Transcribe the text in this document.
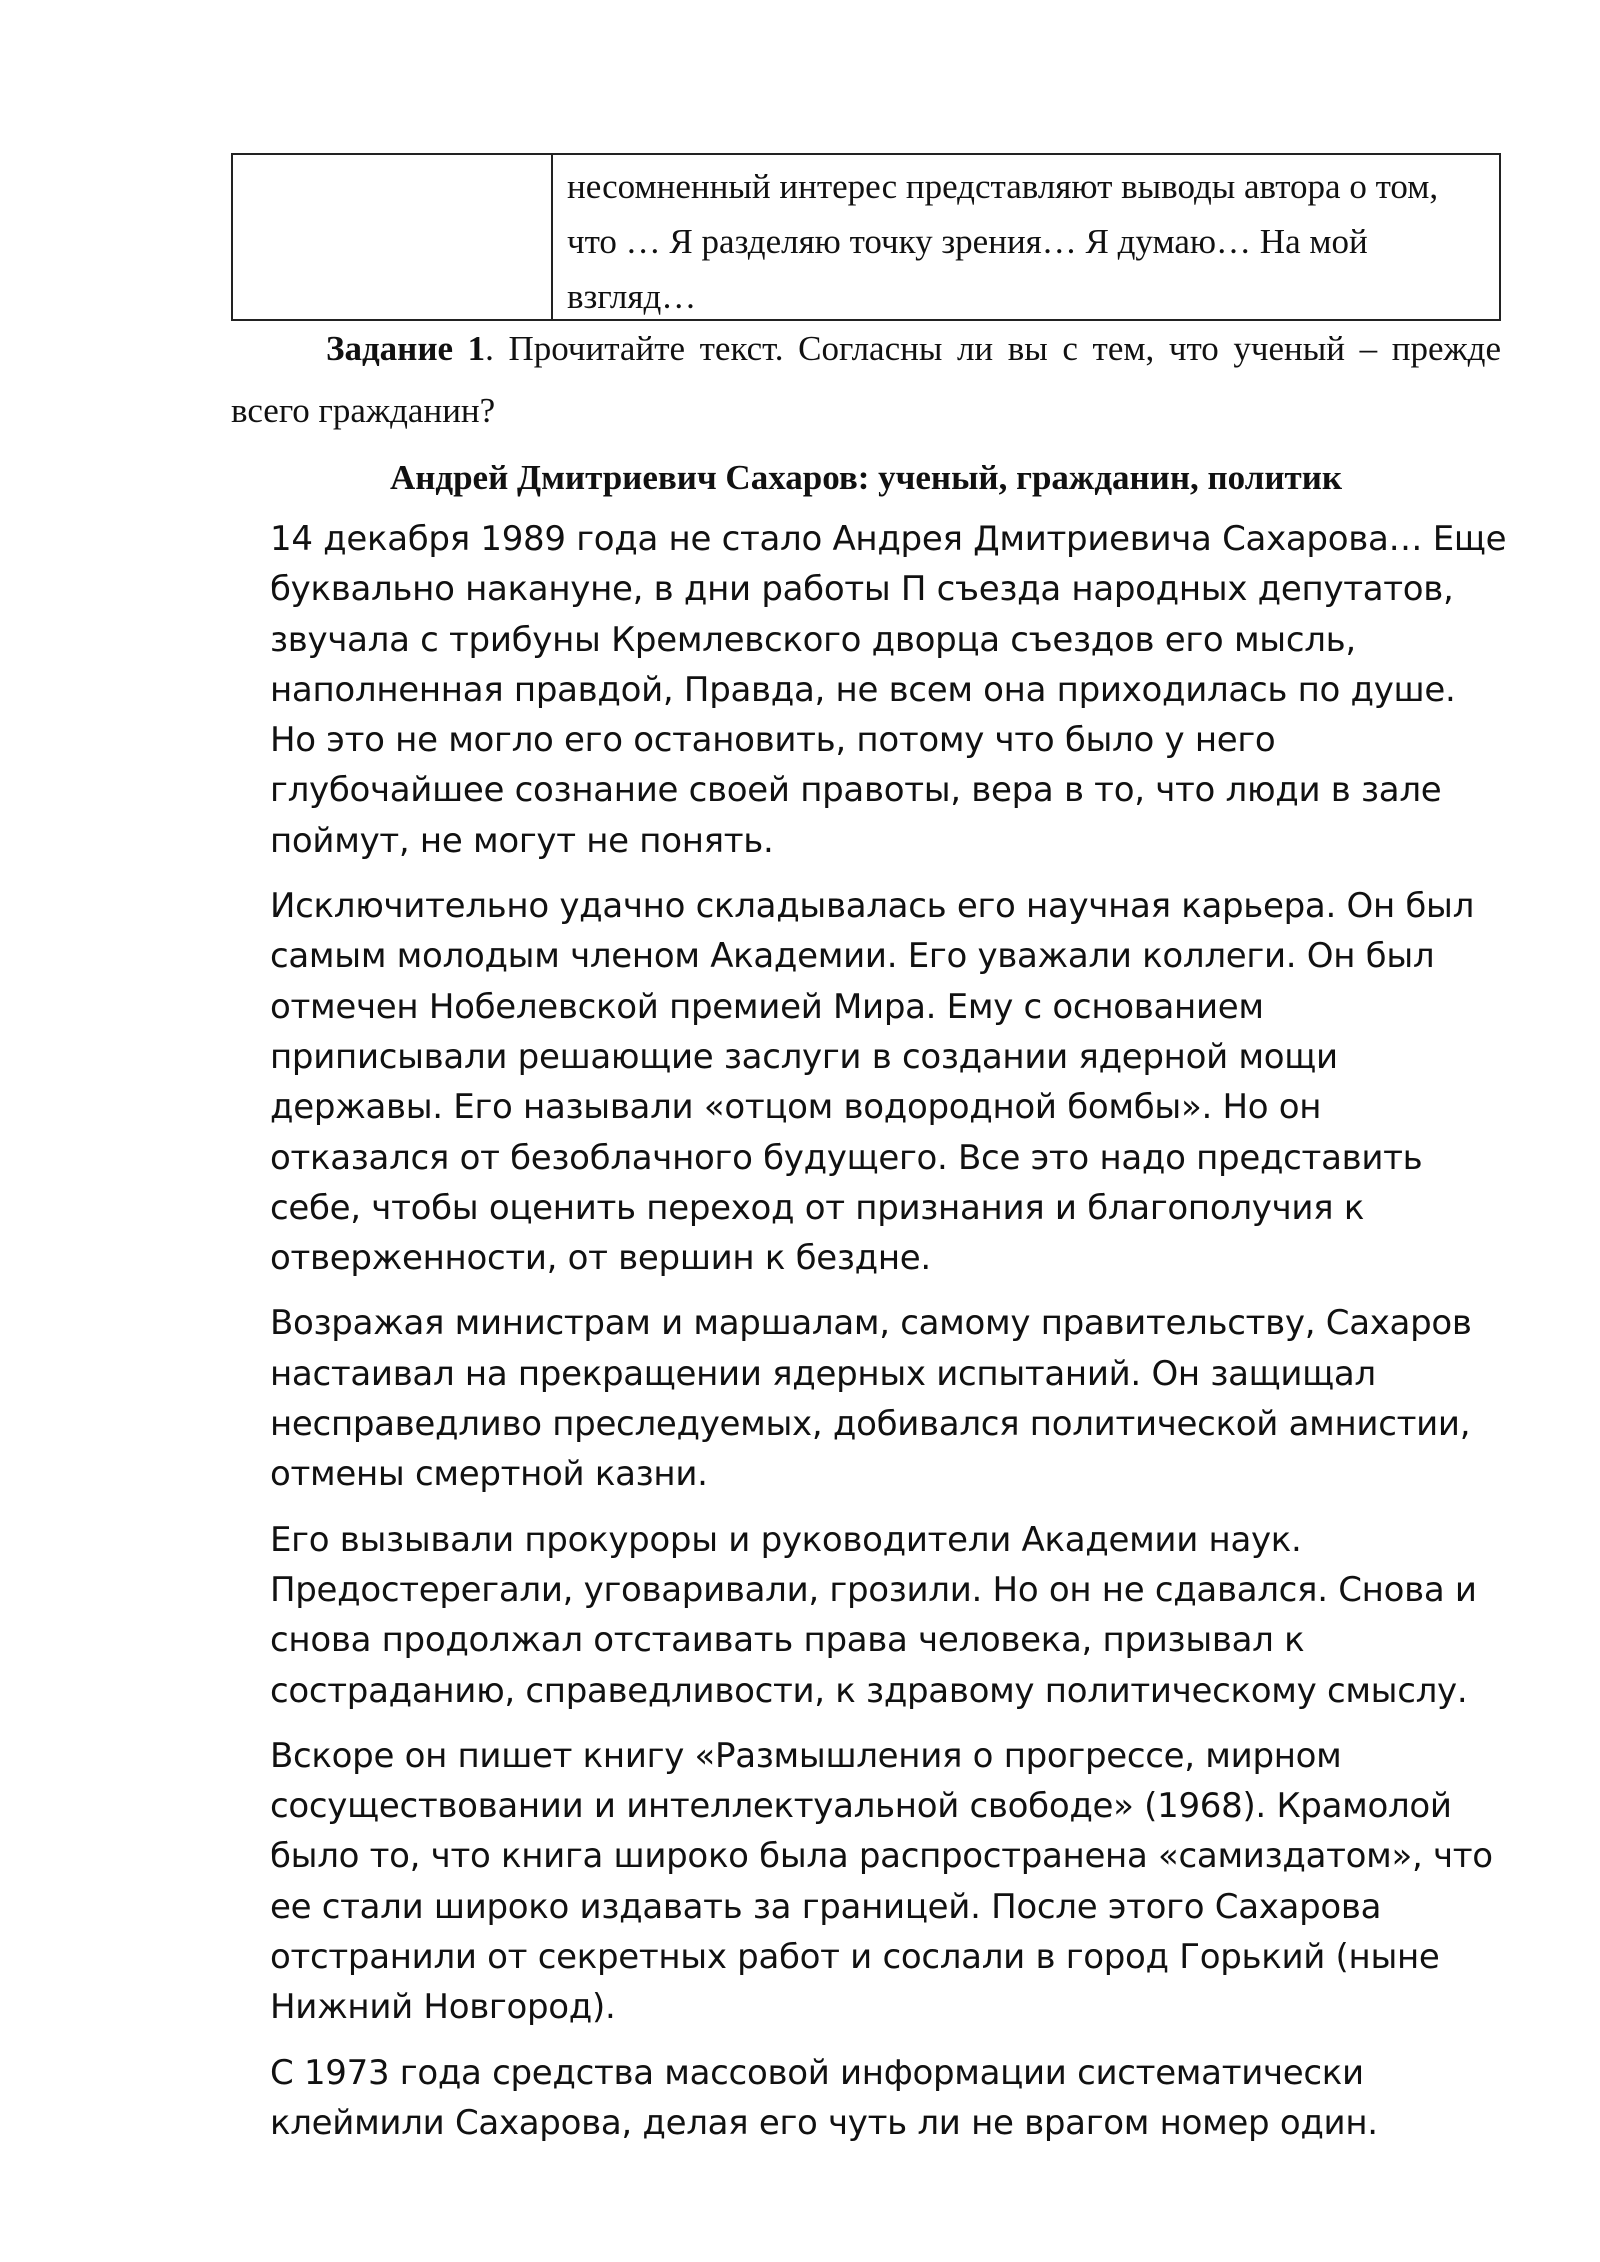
несомненный интерес представляют выводы автора о том, что … Я разделяю точку зрения… Я думаю… На мой взгляд…

Задание 1. Прочитайте текст. Согласны ли вы с тем, что ученый – прежде всего гражданин?

Андрей Дмитриевич Сахаров: ученый, гражданин, политик

14 декабря 1989 года не стало Андрея Дмитриевича Сахарова… Еще буквально накануне, в дни работы П съезда народных депутатов, звучала с трибуны Кремлевского дворца съездов его мысль, наполненная правдой, Правда, не всем она приходилась по душе. Но это не могло его остановить, потому что было у него глубочайшее сознание своей правоты, вера в то, что люди в зале поймут, не могут не понять.

Исключительно удачно складывалась его научная карьера. Он был самым молодым членом Академии. Его уважали коллеги. Он был отмечен Нобелевской премией Мира. Ему с основанием приписывали решающие заслуги в создании ядерной мощи державы. Его называли «отцом водородной бомбы». Но он отказался от безоблачного будущего. Все это надо представить себе, чтобы оценить переход от признания и благополучия к отверженности, от вершин к бездне.

Возражая министрам и маршалам, самому правительству, Сахаров настаивал на прекращении ядерных испытаний. Он защищал несправедливо преследуемых, добивался политической амнистии, отмены смертной казни.

Его вызывали прокуроры и руководители Академии наук. Предостерегали, уговаривали, грозили. Но он не сдавался. Снова и снова продолжал отстаивать права человека, призывал к состраданию, справедливости, к здравому политическому смыслу.

Вскоре он пишет книгу «Размышления о прогрессе, мирном сосуществовании и интеллектуальной свободе» (1968). Крамолой было то, что книга широко была распространена «самиздатом», что ее стали широко издавать за границей. После этого Сахарова отстранили от секретных работ и сослали в город Горький (ныне Нижний Новгород).

С 1973 года средства массовой информации систематически клеймили Сахарова, делая его чуть ли не врагом номер один.
